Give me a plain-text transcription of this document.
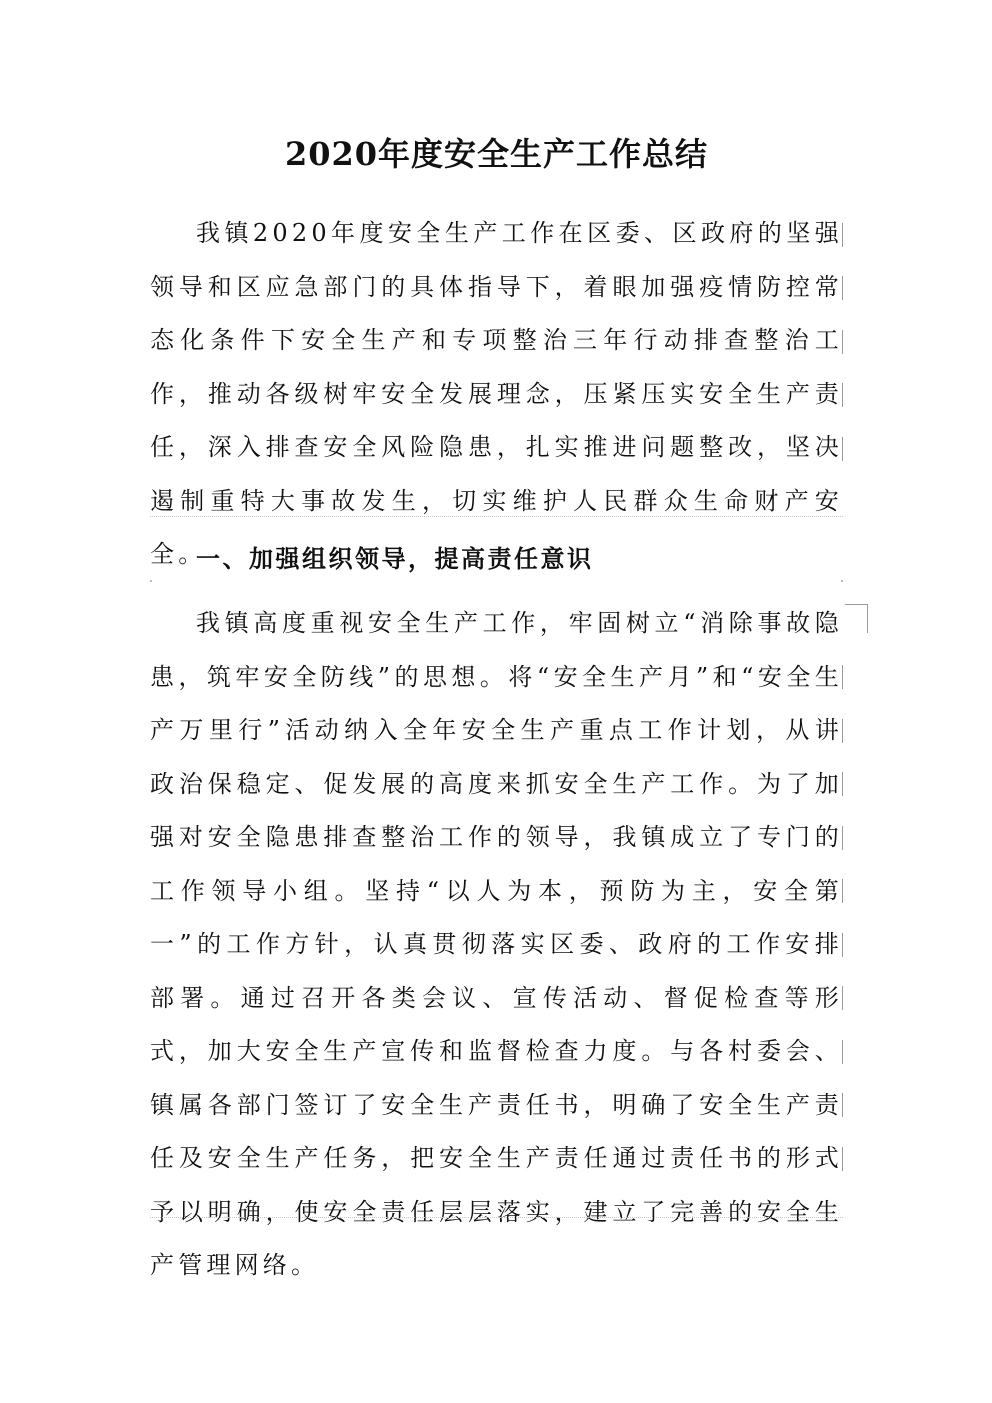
2020年度安全生产工作总结

我镇2020年度安全生产工作在区委、区政府的坚强领导和区应急部门的具体指导下，着眼加强疫情防控常态化条件下安全生产和专项整治三年行动排查整治工作，推动各级树牢安全发展理念，压紧压实安全生产责任，深入排查安全风险隐患，扎实推进问题整改，坚决遏制重特大事故发生，切实维护人民群众生命财产安全。

一、加强组织领导，提高责任意识

我镇高度重视安全生产工作，牢固树立“消除事故隐患，筑牢安全防线”的思想。将“安全生产月”和“安全生产万里行”活动纳入全年安全生产重点工作计划，从讲政治保稳定、促发展的高度来抓安全生产工作。为了加强对安全隐患排查整治工作的领导，我镇成立了专门的工作领导小组。坚持“以人为本，预防为主，安全第一”的工作方针，认真贯彻落实区委、政府的工作安排部署。通过召开各类会议、宣传活动、督促检查等形式，加大安全生产宣传和监督检查力度。与各村委会、镇属各部门签订了安全生产责任书，明确了安全生产责任及安全生产任务，把安全生产责任通过责任书的形式予以明确，使安全责任层层落实，建立了完善的安全生产管理网络。
